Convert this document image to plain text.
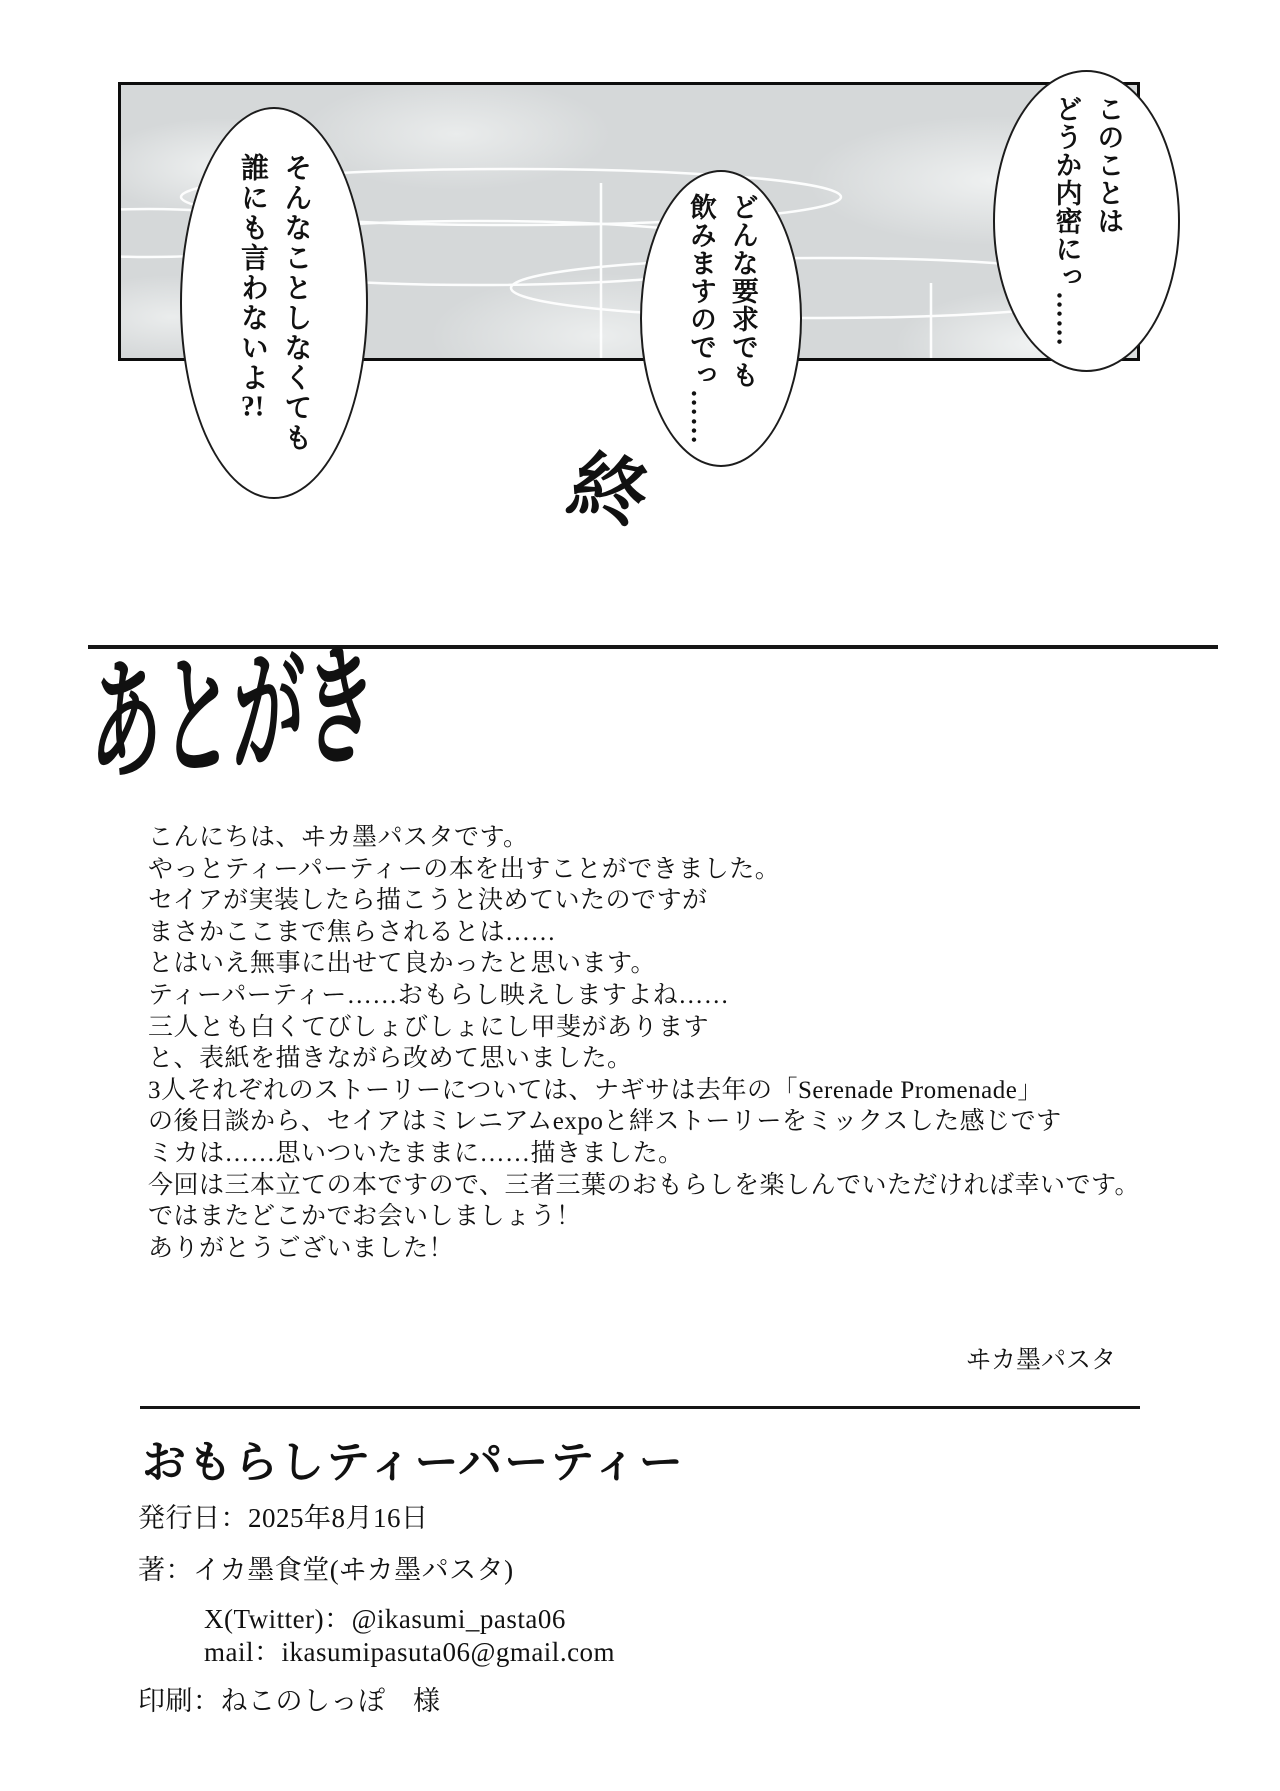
そんなことしなくても
誰にも言わないよ?!
どんな要求でも
飲みますのでっ……
このことは
どうか内密にっ……
終
あとがき

こんにちは、ヰカ墨パスタです。

やっとティーパーティーの本を出すことができました。

セイアが実装したら描こうと決めていたのですが

まさかここまで焦らされるとは……

とはいえ無事に出せて良かったと思います。

ティーパーティー……おもらし映えしますよね……

三人とも白くてびしょびしょにし甲斐があります

と、表紙を描きながら改めて思いました。

3人それぞれのストーリーについては、ナギサは去年の「Serenade Promenade」

の後日談から、セイアはミレニアムexpoと絆ストーリーをミックスした感じです

ミカは……思いついたままに……描きました。

今回は三本立ての本ですので、三者三葉のおもらしを楽しんでいただければ幸いです。

ではまたどこかでお会いしましょう！

ありがとうございました！

ヰカ墨パスタ
おもらしティーパーティー

発行日：2025年8月16日

著：イカ墨食堂(ヰカ墨パスタ)

X(Twitter)：@ikasumi_pasta06

mail：ikasumipasuta06@gmail.com

印刷：ねこのしっぽ　様
